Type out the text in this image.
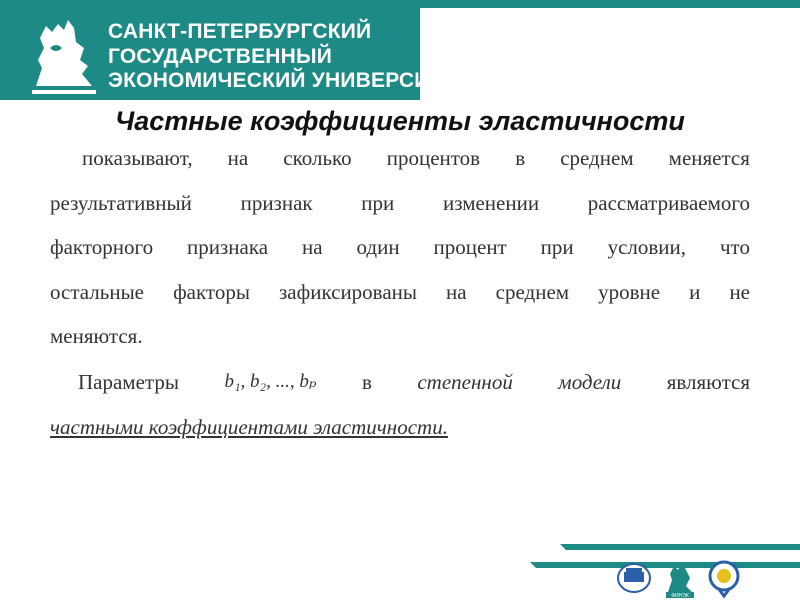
САНКТ-ПЕТЕРБУРГСКИЙ
ГОСУДАРСТВЕННЫЙ
ЭКОНОМИЧЕСКИЙ УНИВЕРСИТЕТ
Частные коэффициенты эластичности
показывают, на сколько процентов в среднем меняется
результативный признак при изменении рассматриваемого
факторного признака на один процент при условии, что
остальные факторы зафиксированы на среднем уровне и не
меняются.
Параметры b₁, b₂, ..., bₚ в степенной модели являются
частными коэффициентами эластичности.
ФИНЭК
